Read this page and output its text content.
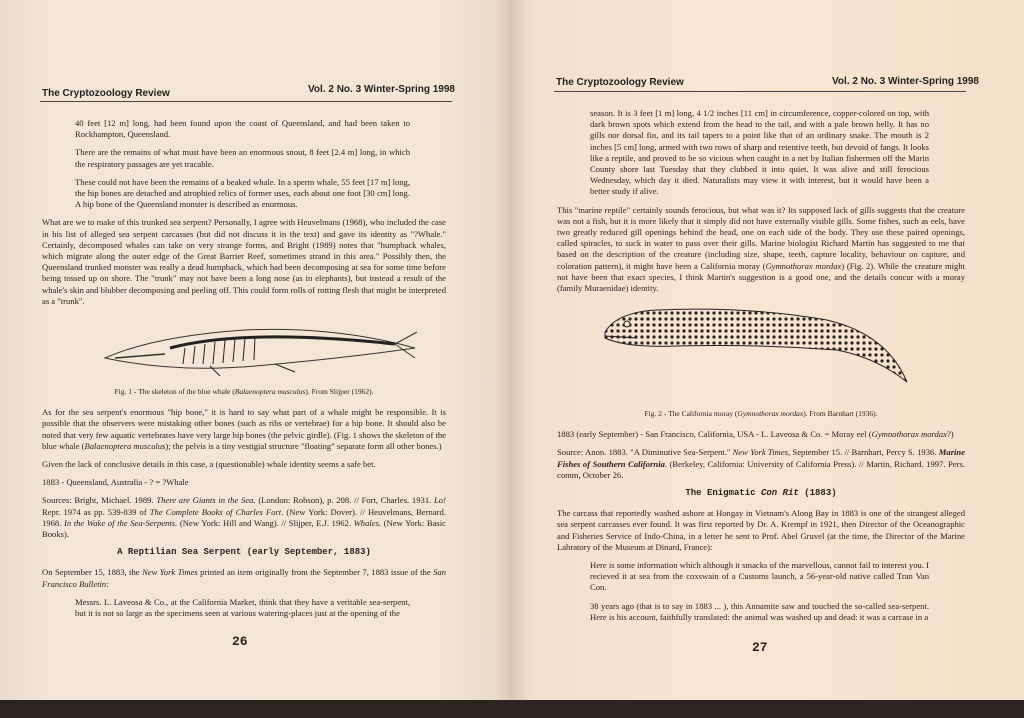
The Cryptozoology Review	Vol. 2 No. 3 Winter-Spring 1998

40 feet [12 m] long, had been found upon the coast of Queensland, and had been taken to Rockhampton, Queensland.

There are the remains of what must have been an enormous snout, 8 feet [2.4 m] long, in which the respiratory passages are yet tracable.

These could not have been the remains of a beaked whale. In a sperm whale, 55 feet [17 m] long, the hip bones are detached and atrophied relics of former uses, each about one foot [30 cm] long. A hip bone of the Queensland monster is described as enormous.

What are we to make of this trunked sea serpent? Personally, I agree with Heuvelmans (1968), who included the case in his list of alleged sea serpent carcasses (but did not discuss it in the text) and gave its identity as "?Whale." Certainly, decomposed whales can take on very strange forms, and Bright (1989) notes that "humpback whales, which migrate along the outer edge of the Great Barrier Reef, sometimes strand in this area." Possibly then, the Queensland trunked monster was really a dead humpback, which had been decomposing at sea for some time before being tossed up on shore. The "trunk" may not have been a long nose (as in elephants), but instead a result of the whale's skin and blubber decomposing and peeling off. This could form rolls of rotting flesh that might be interpreted as a "trunk".

Fig. 1 - The skeleton of the blue whale (Balaenoptera musculus). From Slijper (1962).

As for the sea serpent's enormous "hip bone," it is hard to say what part of a whale might be responsible. It is possible that the observers were mistaking other bones (such as ribs or vertebrae) for a hip bone. It should also be noted that very few aquatic vertebrates have very large hip bones (the pelvic girdle). (Fig. 1 shows the skeleton of the blue whale (Balaenoptera musculus); the pelvis is a tiny vestigial structure "floating" separate form all other bones.)

Given the lack of conclusive details in this case, a (questionable) whale identity seems a safe bet.

1883 - Queensland, Australia - ? = ?Whale

Sources: Bright, Michael. 1989. There are Giants in the Sea. (London: Robson), p. 208. // Fort, Charles. 1931. Lo! Repr. 1974 as pp. 539-839 of The Complete Books of Charles Fort. (New York: Dover). // Heuvelmans, Bernard. 1968. In the Wake of the Sea-Serpents. (New York: Hill and Wang). // Slijper, E.J. 1962. Whales. (New York: Basic Books).

A Reptilian Sea Serpent (early September, 1883)

On September 15, 1883, the New York Times printed an item originally from the September 7, 1883 issue of the San Francisco Bulletin:

Messrs. L. Laveosa & Co., at the California Market, think that they have a veritable sea-serpent, but it is not so large as the specimens seen at various watering-places just at the opening of the

26
The Cryptozoology Review	Vol. 2 No. 3 Winter-Spring 1998

season. It is 3 feet [1 m] long, 4 1/2 inches [11 cm] in circumference, copper-colored on top, with dark brown spots which extend from the head to the tail, and with a pale brown belly. It has no gills nor dorsal fin, and its tail tapers to a point like that of an ordinary snake. The mouth is 2 inches [5 cm] long, armed with two rows of sharp and retentive teeth, but devoid of fangs. It looks like a reptile, and proved to be so vicious when caught in a net by Italian fishermen off the Marin County shore last Tuesday that they clubbed it into quiet. It was alive and still ferocious Wednesday, which day it died. Naturalists may view it with interest, but it would have been a better study if alive.

This "marine reptile" certainly sounds ferocious, but what was it? Its supposed lack of gills suggests that the creature was not a fish, but it is more likely that it simply did not have externally visible gills. Some fishes, such as eels, have two greatly reduced gill openings behind the head, one on each side of the body. They use these paired openings, called spiracles, to suck in water to pass over their gills. Marine biologist Richard Martin has suggested to me that based on the description of the creature (including size, shape, teeth, capture locality, behaviour on capture, and coloration pattern), it might have been a California moray (Gymnothorax mordax) (Fig. 2). While the creature might not have been that exact species, I think Martin's suggestion is a good one, and the details concur with a moray (family Muraenidae) identity.

Fig. 2 - The California moray (Gymnothorax mordax). From Barnhart (1936).

1883 (early September) - San Francisco, California, USA - L. Laveosa & Co. = Moray eel (Gymnothorax mordax?)

Source: Anon. 1883. "A Diminutive Sea-Serpent." New York Times, September 15. // Barnhart, Percy S. 1936. Marine Fishes of Southern California. (Berkeley, California: University of California Press). // Martin, Richard. 1997. Pers. comm, October 26.

The Enigmatic Con Rit (1883)

The carcass that reportedly washed ashore at Hongay in Vietnam's Along Bay in 1883 is one of the strangest alleged sea serpent carcasses ever found. It was first reported by Dr. A. Krempf in 1921, then Director of the Oceanographic and Fisheries Service of Indo-China, in a letter he sent to Prof. Abel Gruvel (at the time, the Director of the Marine Labratory of the Museum at Dinard, France):

Here is some information which although it smacks of the marvellous, cannot fail to interest you. I recieved it at sea from the coxswain of a Customs launch, a 56-year-old native called Tran Van Con.

38 years ago (that is to say in 1883 ... ), this Annamite saw and touched the so-called sea-serpent. Here is his account, faithfully translated: the animal was washed up and dead: it was a carcase in a

27
